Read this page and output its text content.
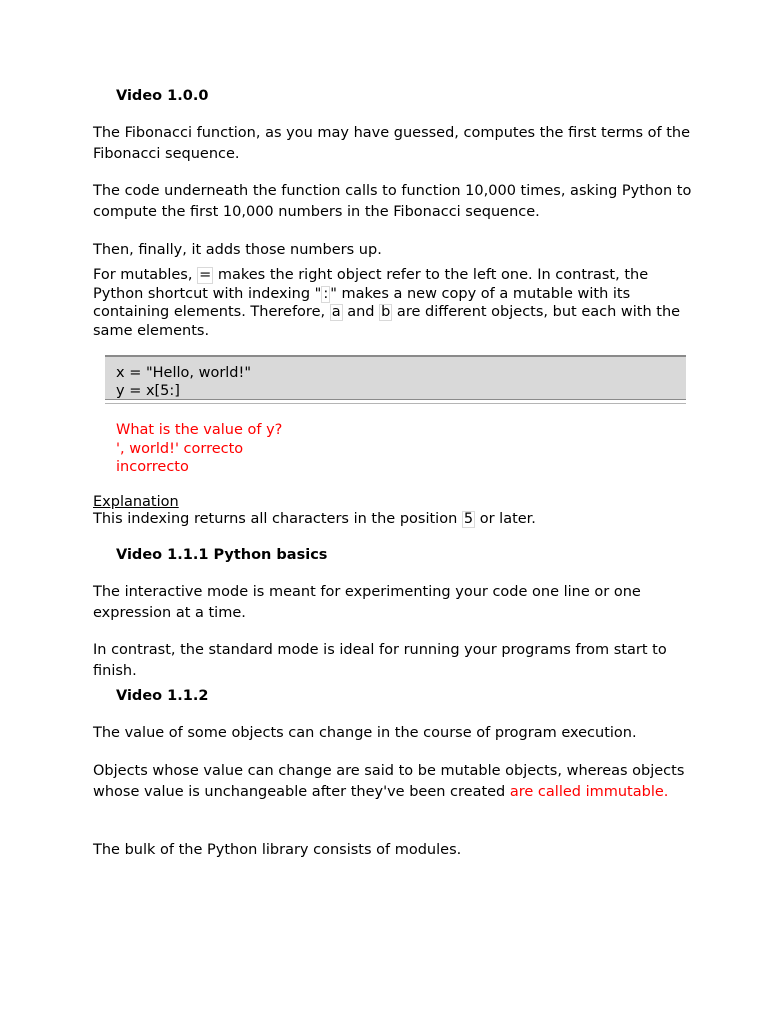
Video 1.0.0

The Fibonacci function, as you may have guessed, computes the first terms of the Fibonacci sequence.

The code underneath the function calls to function 10,000 times, asking Python to compute the first 10,000 numbers in the Fibonacci sequence.

Then, finally, it adds those numbers up.

For mutables, = makes the right object refer to the left one. In contrast, the Python shortcut with indexing " : " makes a new copy of a mutable with its containing elements. Therefore, a and b are different objects, but each with the same elements.

x = "Hello, world!"
y = x[5:]
What is the value of y?
', world!' correcto
incorrecto
Explanation

This indexing returns all characters in the position 5 or later.

Video 1.1.1 Python basics

The interactive mode is meant for experimenting your code one line or one expression at a time.

In contrast, the standard mode is ideal for running your programs from start to finish.

Video 1.1.2

The value of some objects can change in the course of program execution.

Objects whose value can change are said to be mutable objects, whereas objects whose value is unchangeable after they've been created are called immutable.

The bulk of the Python library consists of modules.
